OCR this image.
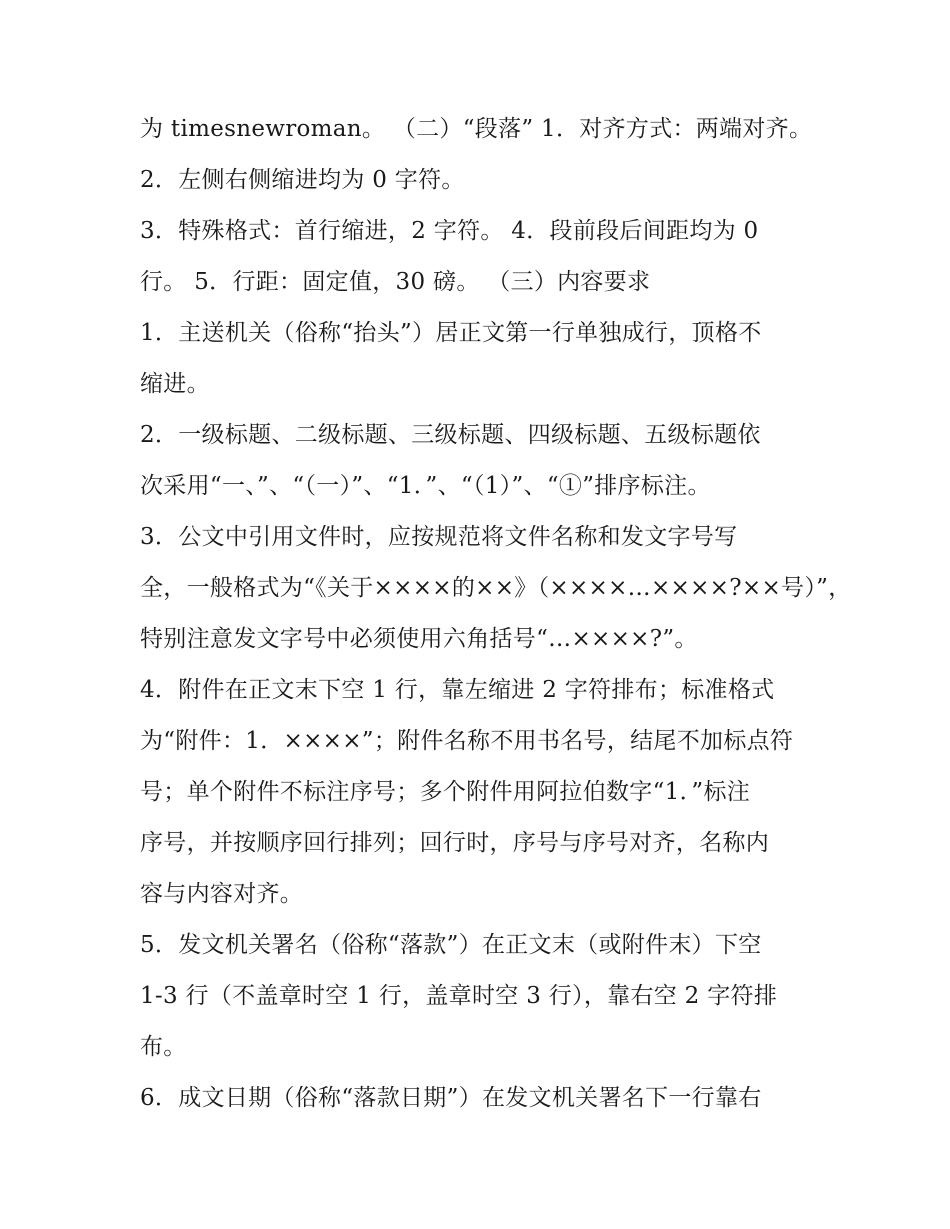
为 timesnewroman。 （二）“段落” 1．对齐方式：两端对齐。
2．左侧右侧缩进均为 0 字符。
3．特殊格式：首行缩进，2 字符。 4．段前段后间距均为 0
行。 5．行距：固定值，30 磅。 （三）内容要求
1．主送机关（俗称“抬头”）居正文第一行单独成行，顶格不
缩进。
2．一级标题、二级标题、三级标题、四级标题、五级标题依
次采用“一、”、“（一）”、“1．”、“（1）”、“①”排序标注。
3．公文中引用文件时，应按规范将文件名称和发文字号写
全，一般格式为“《关于××××的××》（××××…××××?××号）”，
特别注意发文字号中必须使用六角括号“…××××?”。
4．附件在正文末下空 1 行，靠左缩进 2 字符排布；标准格式
为“附件：1．××××”；附件名称不用书名号，结尾不加标点符
号；单个附件不标注序号；多个附件用阿拉伯数字“1．”标注
序号，并按顺序回行排列；回行时，序号与序号对齐，名称内
容与内容对齐。
5．发文机关署名（俗称“落款”）在正文末（或附件末）下空
1-3 行（不盖章时空 1 行，盖章时空 3 行），靠右空 2 字符排
布。
6．成文日期（俗称“落款日期”）在发文机关署名下一行靠右
